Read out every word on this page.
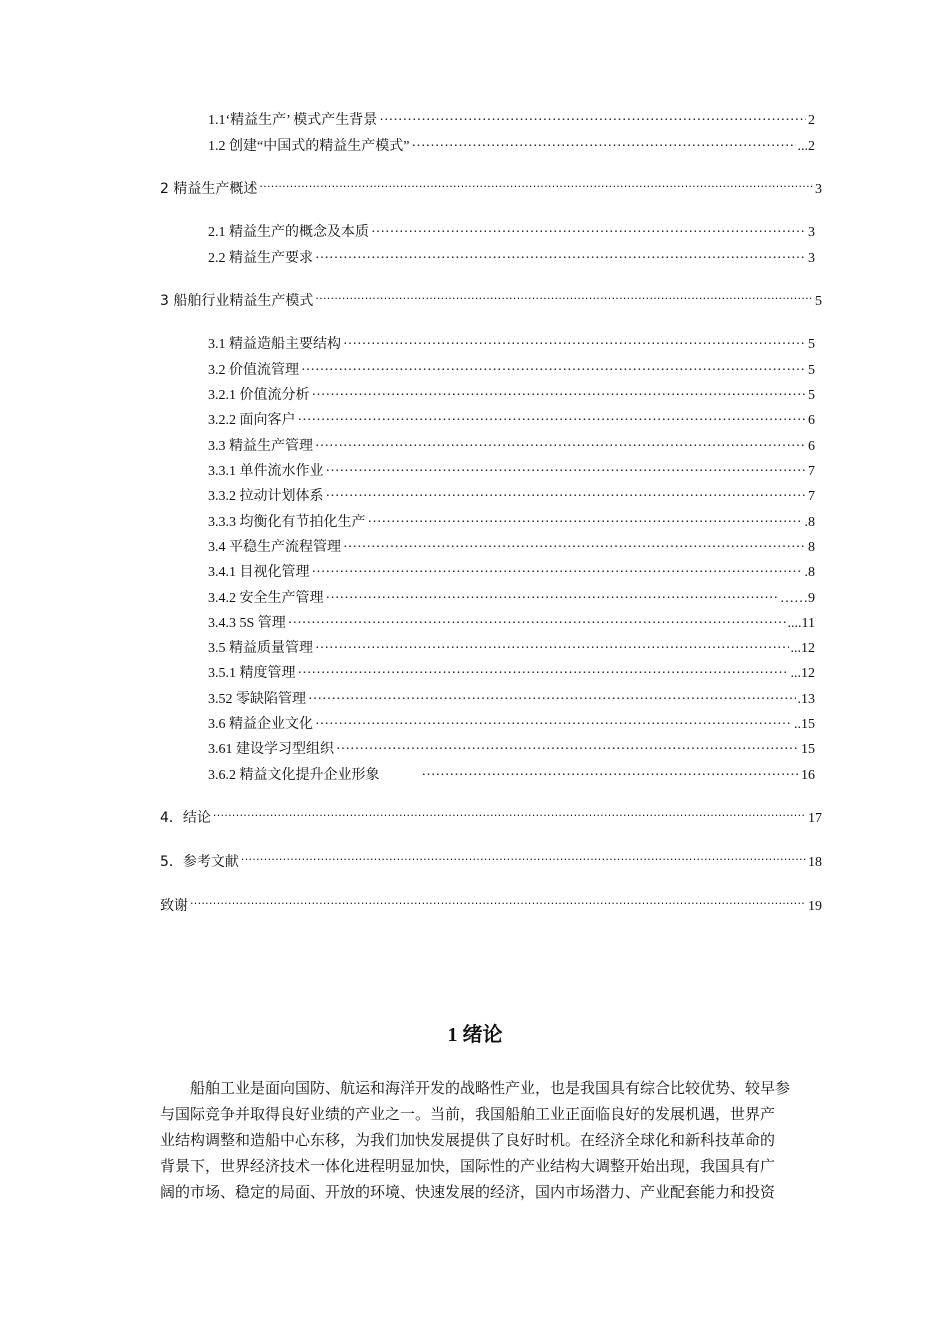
1.1‘精益生产’ 模式产生背景 …………………………………………………………………………………………………………………………………………………………………………………………………………………………	2
1.2 创建“中国式的精益生产模式” …………………………………………………………………………………………………………………………………………………………………………………………………………………………	...2
2 精益生产概述 .....	3
2.1 精益生产的概念及本质 …………………………………………………………………………………………………………………………………………………………………………………………………………………………	3
2.2 精益生产要求 …………………………………………………………………………………………………………………………………………………………………………………………………………………………	3
3 船舶行业精益生产模式 .....	5
3.1 精益造船主要结构 …………………………………………………………………………………………………………………………………………………………………………………………………………………………	5
3.2 价值流管理 …………………………………………………………………………………………………………………………………………………………………………………………………………………………	5
3.2.1 价值流分析 …………………………………………………………………………………………………………………………………………………………………………………………………………………………	5
3.2.2 面向客户 …………………………………………………………………………………………………………………………………………………………………………………………………………………………	6
3.3 精益生产管理 …………………………………………………………………………………………………………………………………………………………………………………………………………………………	6
3.3.1 单件流水作业 …………………………………………………………………………………………………………………………………………………………………………………………………………………………	7
3.3.2 拉动计划体系 …………………………………………………………………………………………………………………………………………………………………………………………………………………………	7
3.3.3 均衡化有节拍化生产 …………………………………………………………………………………………………………………………………………………………………………………………………………………………	.8
3.4 平稳生产流程管理 …………………………………………………………………………………………………………………………………………………………………………………………………………………………	8
3.4.1 目视化管理 …………………………………………………………………………………………………………………………………………………………………………………………………………………………	.8
3.4.2 安全生产管理 …………………………………………………………………………………………………………………………………………………………………………………………………………………………	……9
3.4.3 5S 管理 …………………………………………………………………………………………………………………………………………………………………………………………………………………………	....11
3.5 精益质量管理 …………………………………………………………………………………………………………………………………………………………………………………………………………………………	...12
3.5.1 精度管理 …………………………………………………………………………………………………………………………………………………………………………………………………………………………	...12
3.52 零缺陷管理 …………………………………………………………………………………………………………………………………………………………………………………………………………………………	.13
3.6 精益企业文化 …………………………………………………………………………………………………………………………………………………………………………………………………………………………	..15
3.61 建设学习型组织 …………………………………………………………………………………………………………………………………………………………………………………………………………………………	15
3.6.2 精益文化提升企业形象 …………………………………………………………………………………………………………………………………………………………………………………………………………………………	16
4．结论 .....	17
5．参考文献 .....	18
致谢 .....	19
1 绪论
　　船舶工业是面向国防、航运和海洋开发的战略性产业，也是我国具有综合比较优势、较早参
与国际竞争并取得良好业绩的产业之一。当前，我国船舶工业正面临良好的发展机遇，世界产
业结构调整和造船中心东移，为我们加快发展提供了良好时机。在经济全球化和新科技革命的
背景下，世界经济技术一体化进程明显加快，国际性的产业结构大调整开始出现，我国具有广
阔的市场、稳定的局面、开放的环境、快速发展的经济，国内市场潜力、产业配套能力和投资
